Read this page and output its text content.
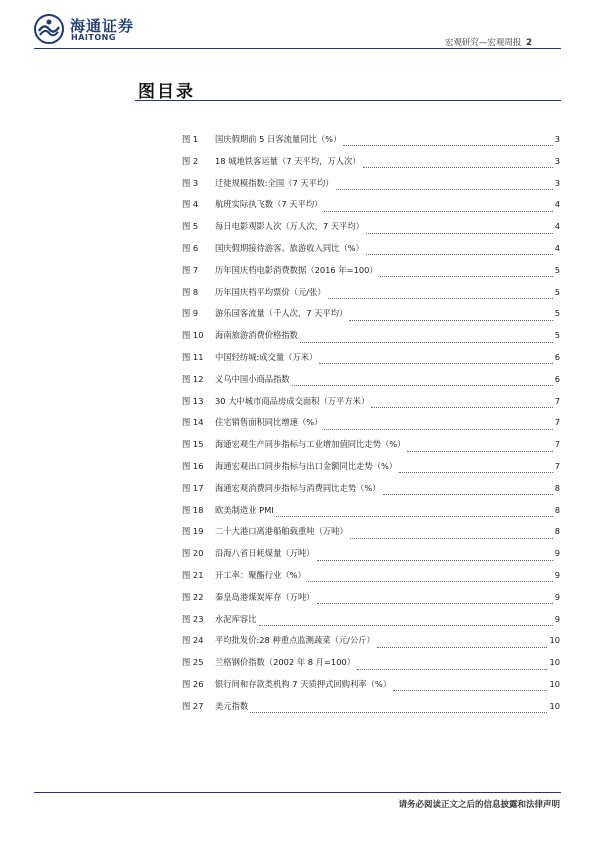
海通证券
HAITONG
宏观研究—宏观周报 2
图目录
图 1	国庆假期前 5 日客流量同比（%）	3
图 2	18 城地铁客运量（7 天平均，万人次）	3
图 3	迁徙规模指数:全国（7 天平均）	3
图 4	航班实际执飞数（7 天平均）	4
图 5	每日电影观影人次（万人次，7 天平均）	4
图 6	国庆假期接待游客、旅游收入同比（%）	4
图 7	历年国庆档电影消费数据（2016 年=100）	5
图 8	历年国庆档平均票价（元/张）	5
图 9	游乐园客流量（千人次，7 天平均）	5
图 10	海南旅游消费价格指数	5
图 11	中国轻纺城:成交量（万米）	6
图 12	义乌中国小商品指数	6
图 13	30 大中城市商品房成交面积（万平方米）	7
图 14	住宅销售面积同比增速（%）	7
图 15	海通宏观生产同步指标与工业增加值同比走势（%）	7
图 16	海通宏观出口同步指标与出口金额同比走势（%）	7
图 17	海通宏观消费同步指标与消费同比走势（%）	8
图 18	欧美制造业 PMI	8
图 19	二十大港口离港船舶载重吨（万吨）	8
图 20	沿海八省日耗煤量（万吨）	9
图 21	开工率：聚酯行业（%）	9
图 22	秦皇岛港煤炭库存（万吨）	9
图 23	水泥库容比	9
图 24	平均批发价:28 种重点监测蔬菜（元/公斤）	10
图 25	兰格钢价指数（2002 年 8 月=100）	10
图 26	银行间和存款类机构 7 天质押式回购利率（%）	10
图 27	美元指数	10
请务必阅读正文之后的信息披露和法律声明
